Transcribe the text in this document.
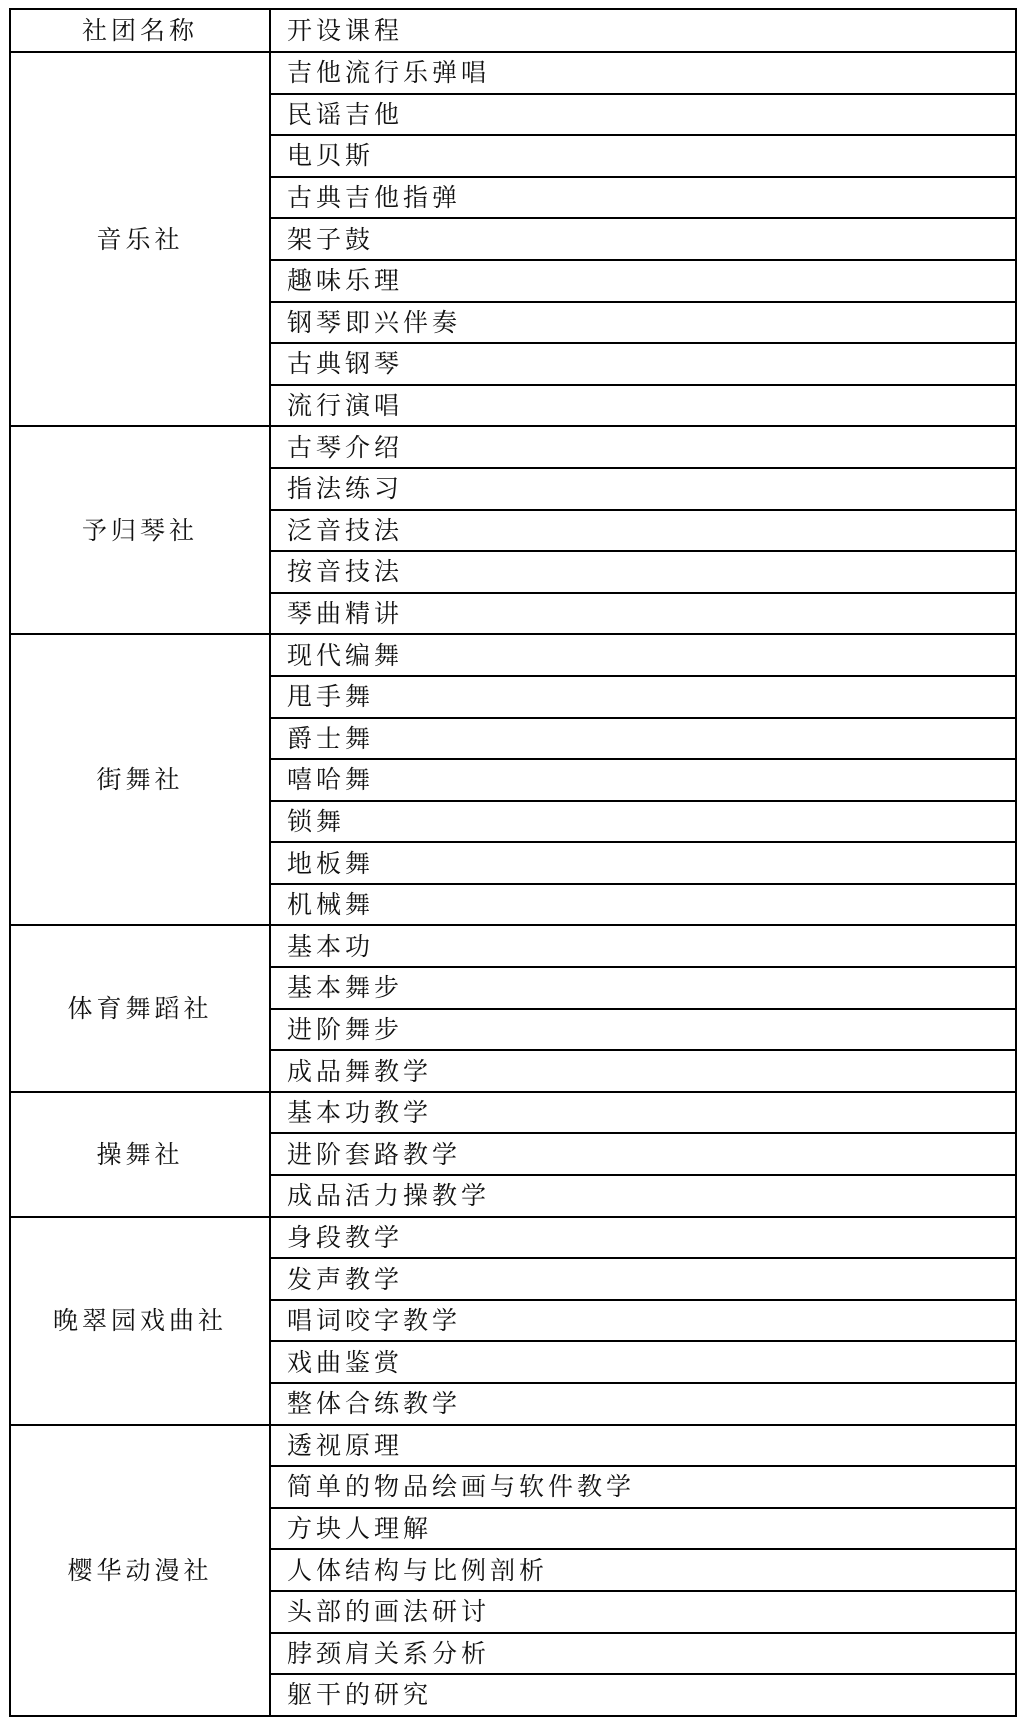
社团名称	开设课程
音乐社	吉他流行乐弹唱
	民谣吉他
	电贝斯
	古典吉他指弹
	架子鼓
	趣味乐理
	钢琴即兴伴奏
	古典钢琴
	流行演唱
予归琴社	古琴介绍
	指法练习
	泛音技法
	按音技法
	琴曲精讲
街舞社	现代编舞
	甩手舞
	爵士舞
	嘻哈舞
	锁舞
	地板舞
	机械舞
体育舞蹈社	基本功
	基本舞步
	进阶舞步
	成品舞教学
操舞社	基本功教学
	进阶套路教学
	成品活力操教学
晚翠园戏曲社	身段教学
	发声教学
	唱词咬字教学
	戏曲鉴赏
	整体合练教学
樱华动漫社	透视原理
	简单的物品绘画与软件教学
	方块人理解
	人体结构与比例剖析
	头部的画法研讨
	脖颈肩关系分析
	躯干的研究
